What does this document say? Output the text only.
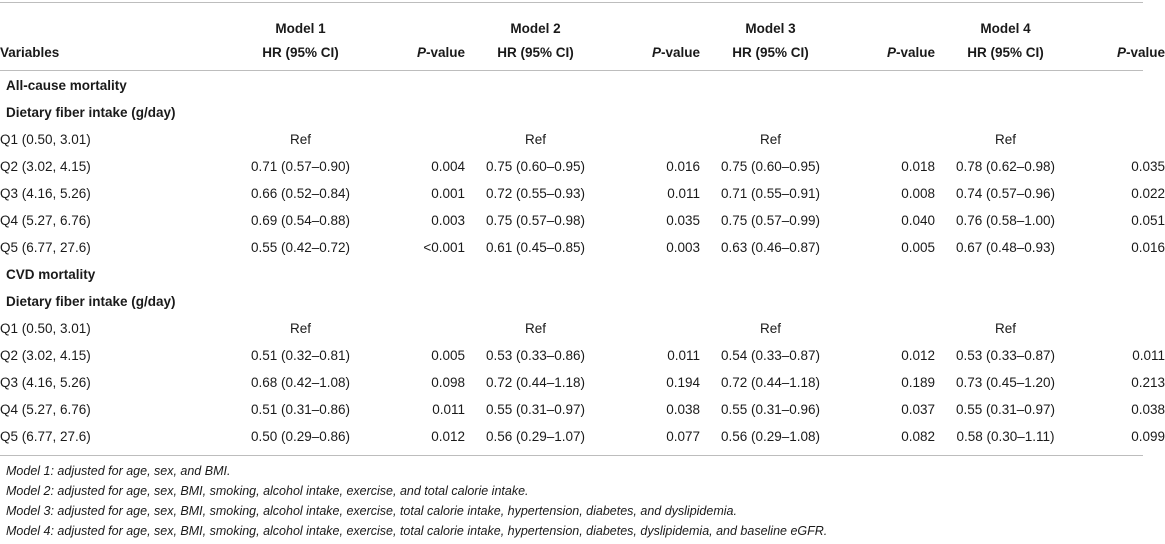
	Model 1		Model 2		Model 3		Model 4	
Variables	HR (95% CI)	P-value	HR (95% CI)	P-value	HR (95% CI)	P-value	HR (95% CI)	P-value
All-cause mortality								
Dietary fiber intake (g/day)								
Q1 (0.50, 3.01)	Ref		Ref		Ref		Ref	
Q2 (3.02, 4.15)	0.71 (0.57–0.90)	0.004	0.75 (0.60–0.95)	0.016	0.75 (0.60–0.95)	0.018	0.78 (0.62–0.98)	0.035
Q3 (4.16, 5.26)	0.66 (0.52–0.84)	0.001	0.72 (0.55–0.93)	0.011	0.71 (0.55–0.91)	0.008	0.74 (0.57–0.96)	0.022
Q4 (5.27, 6.76)	0.69 (0.54–0.88)	0.003	0.75 (0.57–0.98)	0.035	0.75 (0.57–0.99)	0.040	0.76 (0.58–1.00)	0.051
Q5 (6.77, 27.6)	0.55 (0.42–0.72)	<0.001	0.61 (0.45–0.85)	0.003	0.63 (0.46–0.87)	0.005	0.67 (0.48–0.93)	0.016
CVD mortality								
Dietary fiber intake (g/day)								
Q1 (0.50, 3.01)	Ref		Ref		Ref		Ref	
Q2 (3.02, 4.15)	0.51 (0.32–0.81)	0.005	0.53 (0.33–0.86)	0.011	0.54 (0.33–0.87)	0.012	0.53 (0.33–0.87)	0.011
Q3 (4.16, 5.26)	0.68 (0.42–1.08)	0.098	0.72 (0.44–1.18)	0.194	0.72 (0.44–1.18)	0.189	0.73 (0.45–1.20)	0.213
Q4 (5.27, 6.76)	0.51 (0.31–0.86)	0.011	0.55 (0.31–0.97)	0.038	0.55 (0.31–0.96)	0.037	0.55 (0.31–0.97)	0.038
Q5 (6.77, 27.6)	0.50 (0.29–0.86)	0.012	0.56 (0.29–1.07)	0.077	0.56 (0.29–1.08)	0.082	0.58 (0.30–1.11)	0.099
Model 1: adjusted for age, sex, and BMI.
Model 2: adjusted for age, sex, BMI, smoking, alcohol intake, exercise, and total calorie intake.
Model 3: adjusted for age, sex, BMI, smoking, alcohol intake, exercise, total calorie intake, hypertension, diabetes, and dyslipidemia.
Model 4: adjusted for age, sex, BMI, smoking, alcohol intake, exercise, total calorie intake, hypertension, diabetes, dyslipidemia, and baseline eGFR.
